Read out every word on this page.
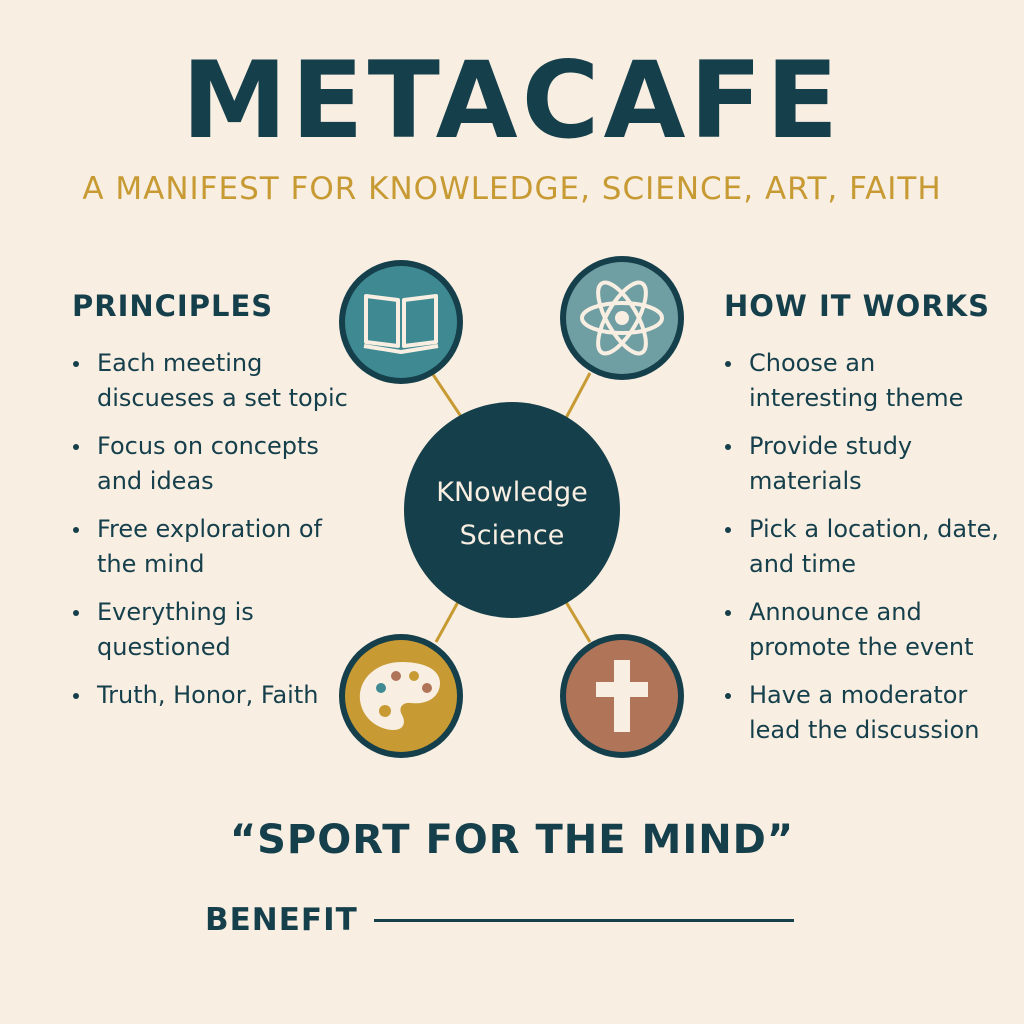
METACAFE
A MANIFEST FOR KNOWLEDGE, SCIENCE, ART, FAITH
PRINCIPLES
Each meeting discueses a set topic
Focus on concepts and ideas
Free exploration of the mind
Everything is questioned
Truth, Honor, Faith
HOW IT WORKS
Choose an interesting theme
Provide study materials
Pick a location, date, and time
Announce and promote the event
Have a moderator lead the discussion
KNowledge
Science
“SPORT FOR THE MIND”
BENEFIT
